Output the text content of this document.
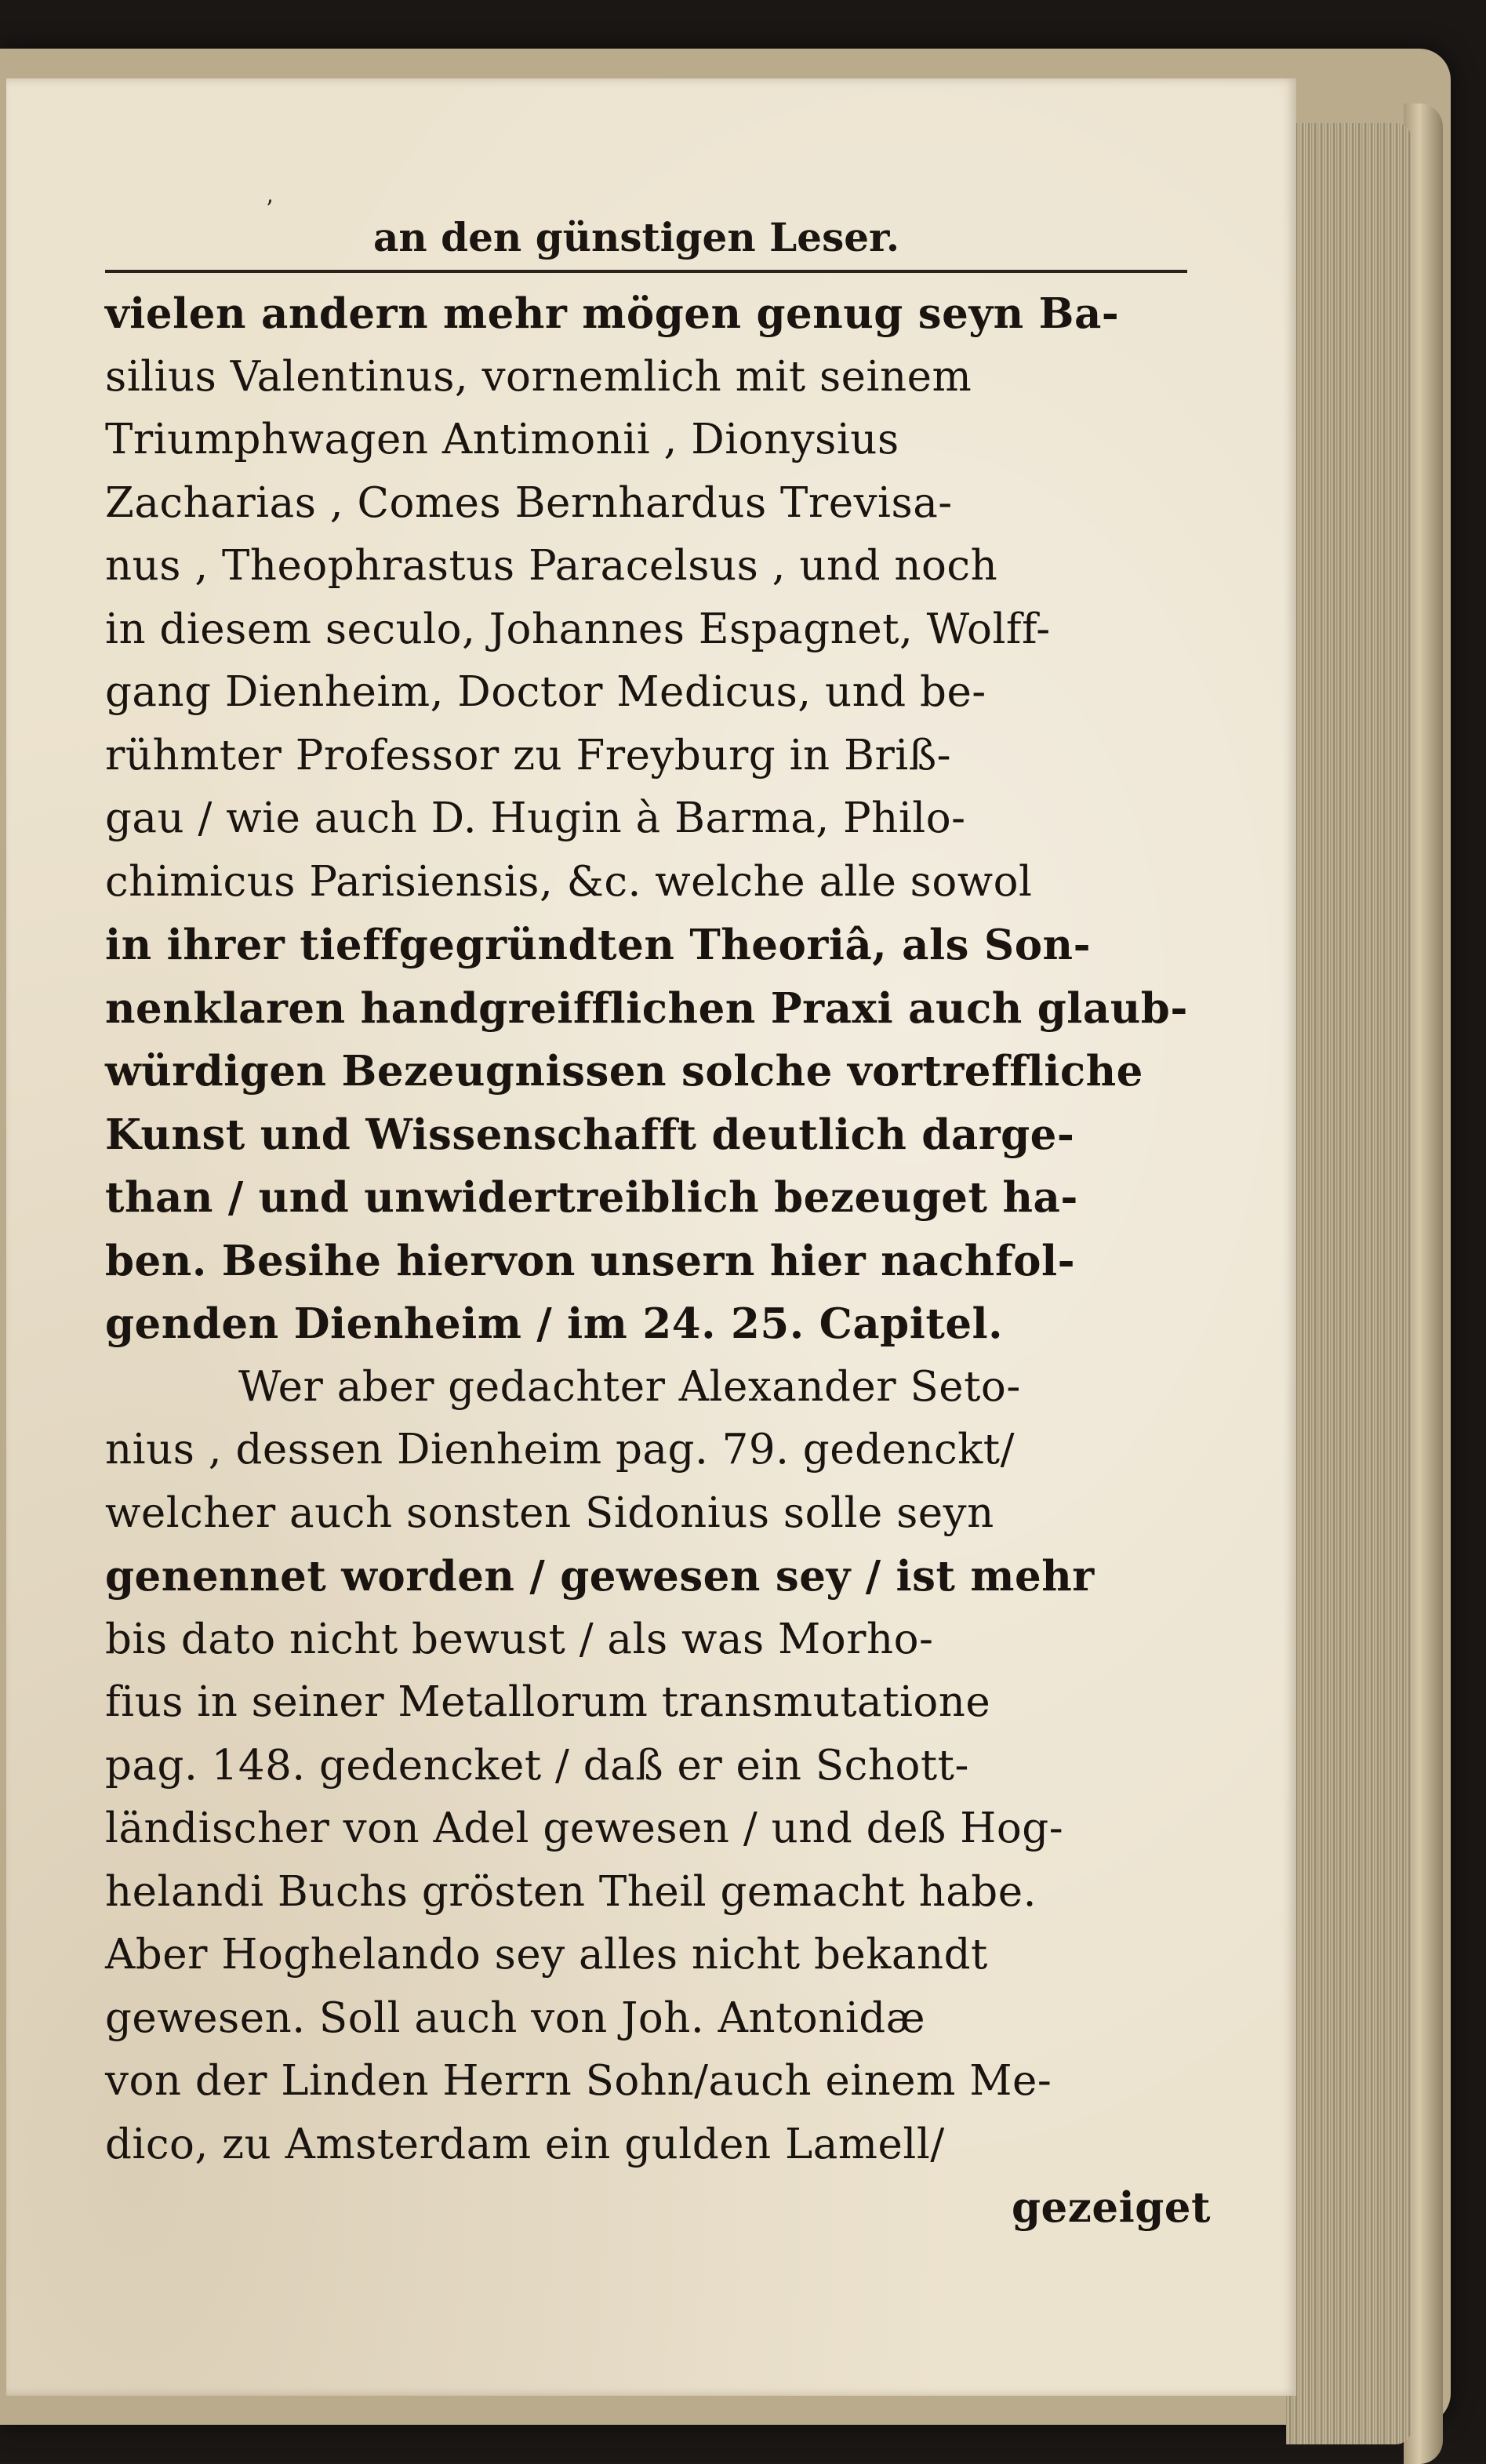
ʼ
an den günstigen Leser.
vielen andern mehr mögen genug seyn Ba-
silius Valentinus, vornemlich mit seinem
Triumphwagen Antimonii , Dionysius
Zacharias , Comes Bernhardus Trevisa-
nus , Theophrastus Paracelsus , und noch
in diesem seculo, Johannes Espagnet, Wolff-
gang Dienheim, Doctor Medicus, und be-
rühmter Professor zu Freyburg in Briß-
gau / wie auch D. Hugin à Barma, Philo-
chimicus Parisiensis, &c. welche alle sowol
in ihrer tieffgegründten Theoriâ, als Son-
nenklaren handgreifflichen Praxi auch glaub-
würdigen Bezeugnissen solche vortreffliche
Kunst und Wissenschafft deutlich darge-
than / und unwidertreiblich bezeuget ha-
ben. Besihe hiervon unsern hier nachfol-
genden Dienheim / im 24. 25. Capitel.
Wer aber gedachter Alexander Seto-
nius , dessen Dienheim pag. 79. gedenckt/
welcher auch sonsten Sidonius solle seyn
genennet worden / gewesen sey / ist mehr
bis dato nicht bewust / als was Morho-
fius in seiner Metallorum transmutatione
pag. 148. gedencket / daß er ein Schott-
ländischer von Adel gewesen / und deß Hog-
helandi Buchs grösten Theil gemacht habe.
Aber Hoghelando sey alles nicht bekandt
gewesen. Soll auch von Joh. Antonidæ
von der Linden Herrn Sohn/auch einem Me-
dico, zu Amsterdam ein gulden Lamell/
gezeiget
